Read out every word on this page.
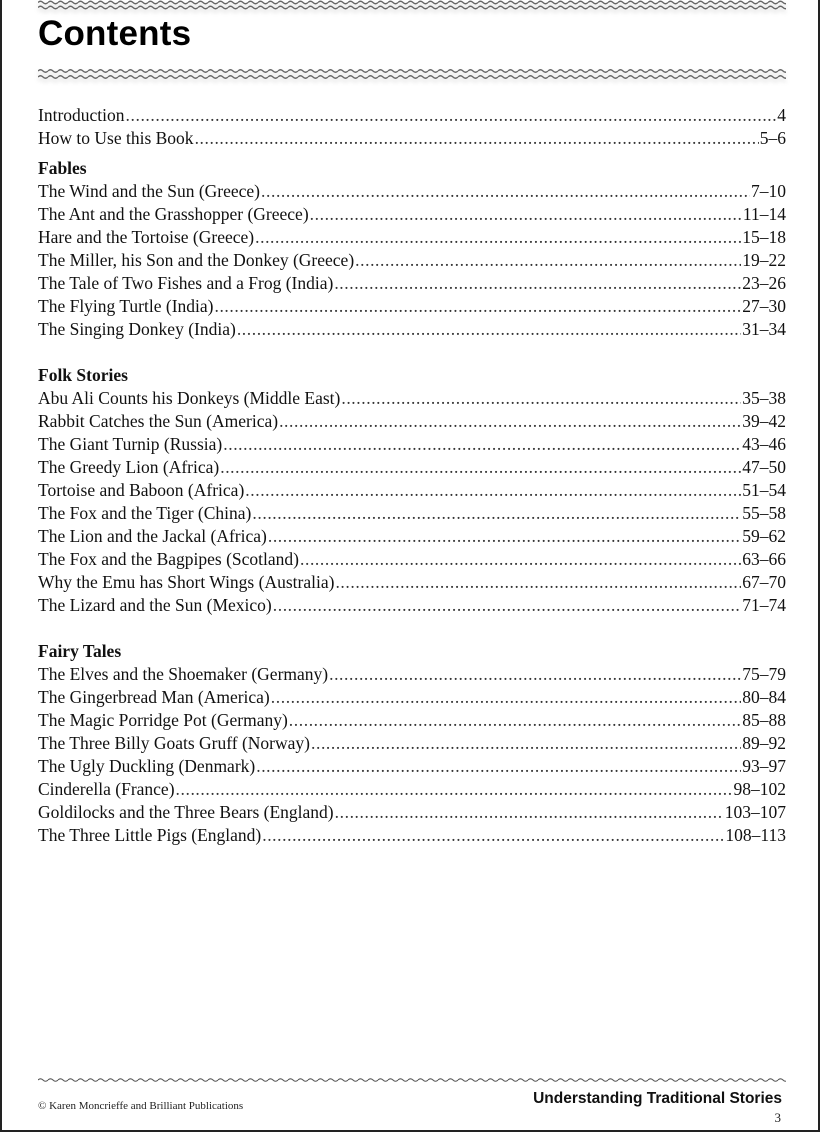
Contents
Introduction .....	4
How to Use this Book .....	5–6
Fables
The Wind and the Sun (Greece) .....	7–10
The Ant and the Grasshopper (Greece) .....	11–14
Hare and the Tortoise (Greece) .....	15–18
The Miller, his Son and the Donkey (Greece) .....	19–22
The Tale of Two Fishes and a Frog (India) .....	23–26
The Flying Turtle (India) .....	27–30
The Singing Donkey (India) .....	31–34
Folk Stories
Abu Ali Counts his Donkeys (Middle East) .....	35–38
Rabbit Catches the Sun (America) .....	39–42
The Giant Turnip (Russia) .....	43–46
The Greedy Lion (Africa) .....	47–50
Tortoise and Baboon (Africa) .....	51–54
The Fox and the Tiger (China) .....	55–58
The Lion and the Jackal (Africa) .....	59–62
The Fox and the Bagpipes (Scotland) .....	63–66
Why the Emu has Short Wings (Australia) .....	67–70
The Lizard and the Sun (Mexico) .....	71–74
Fairy Tales
The Elves and the Shoemaker (Germany) .....	75–79
The Gingerbread Man (America) .....	80–84
The Magic Porridge Pot (Germany) .....	85–88
The Three Billy Goats Gruff (Norway) .....	89–92
The Ugly Duckling (Denmark) .....	93–97
Cinderella (France) .....	98–102
Goldilocks and the Three Bears (England) .....	103–107
The Three Little Pigs (England) .....	108–113
© Karen Moncrieffe and Brilliant Publications	Understanding Traditional Stories
3
